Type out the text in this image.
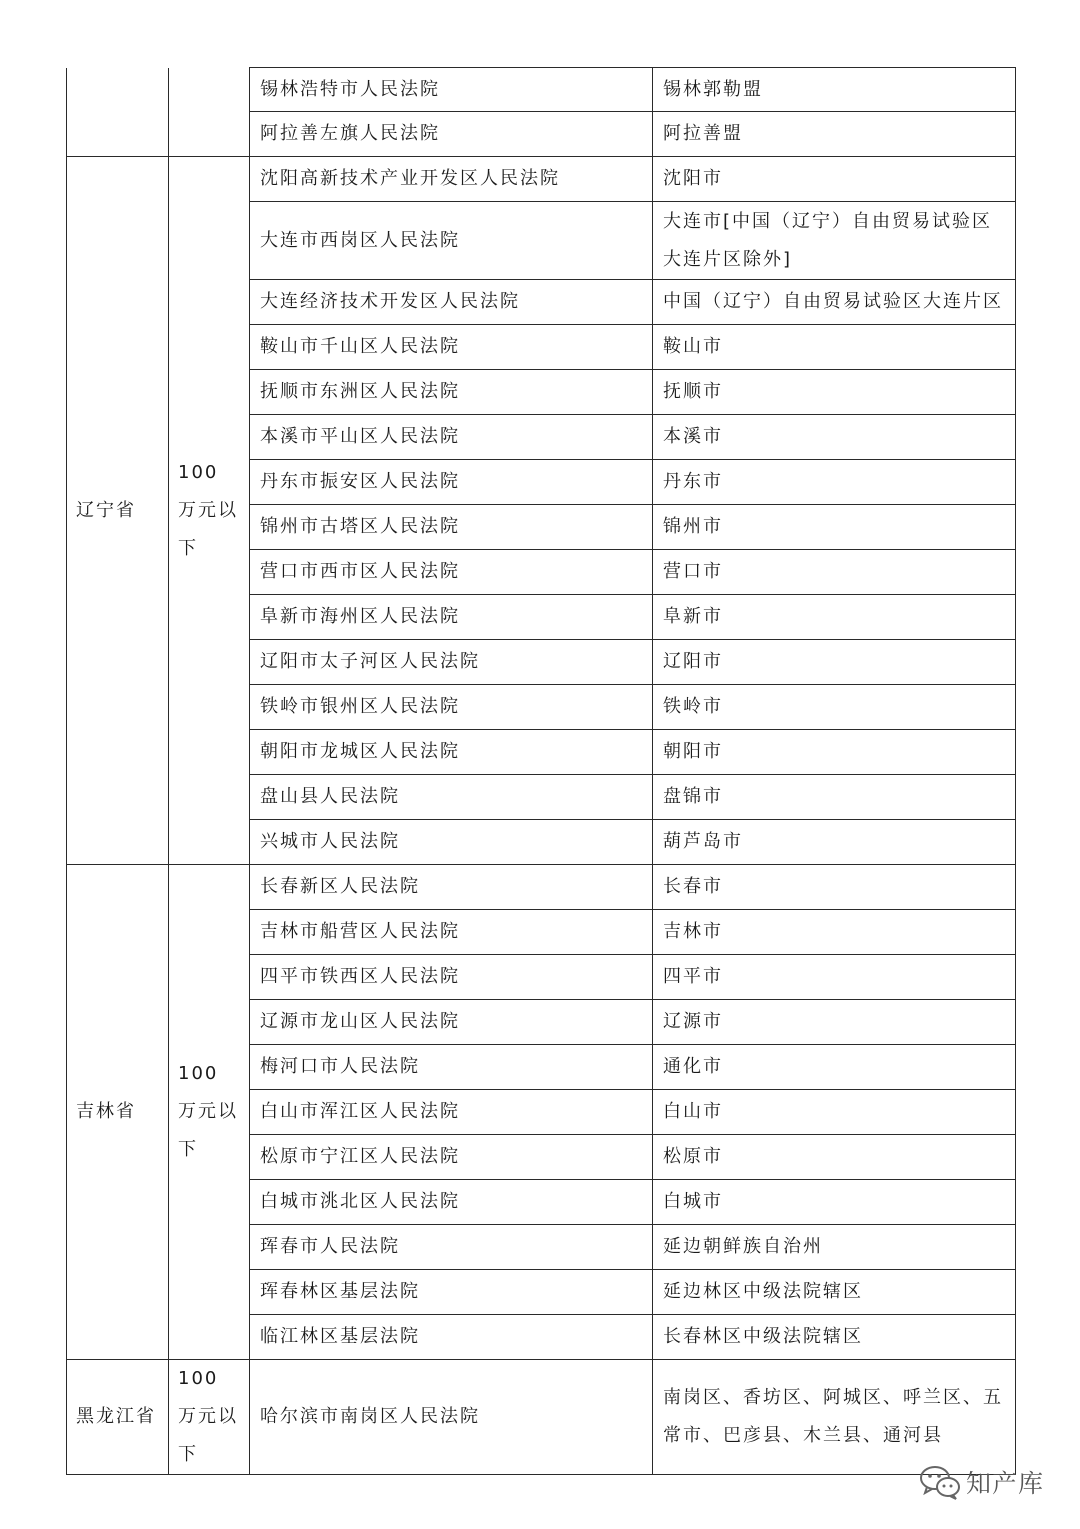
		锡林浩特市人民法院	锡林郭勒盟
		阿拉善左旗人民法院	阿拉善盟
辽宁省	100 万元以下	沈阳高新技术产业开发区人民法院	沈阳市
		大连市西岗区人民法院	大连市[中国（辽宁）自由贸易试验区大连片区除外]
		大连经济技术开发区人民法院	中国（辽宁）自由贸易试验区大连片区
		鞍山市千山区人民法院	鞍山市
		抚顺市东洲区人民法院	抚顺市
		本溪市平山区人民法院	本溪市
		丹东市振安区人民法院	丹东市
		锦州市古塔区人民法院	锦州市
		营口市西市区人民法院	营口市
		阜新市海州区人民法院	阜新市
		辽阳市太子河区人民法院	辽阳市
		铁岭市银州区人民法院	铁岭市
		朝阳市龙城区人民法院	朝阳市
		盘山县人民法院	盘锦市
		兴城市人民法院	葫芦岛市
吉林省	100 万元以下	长春新区人民法院	长春市
		吉林市船营区人民法院	吉林市
		四平市铁西区人民法院	四平市
		辽源市龙山区人民法院	辽源市
		梅河口市人民法院	通化市
		白山市浑江区人民法院	白山市
		松原市宁江区人民法院	松原市
		白城市洮北区人民法院	白城市
		珲春市人民法院	延边朝鲜族自治州
		珲春林区基层法院	延边林区中级法院辖区
		临江林区基层法院	长春林区中级法院辖区
黑龙江省	100 万元以下	哈尔滨市南岗区人民法院	南岗区、香坊区、阿城区、呼兰区、五常市、巴彦县、木兰县、通河县
知产库
